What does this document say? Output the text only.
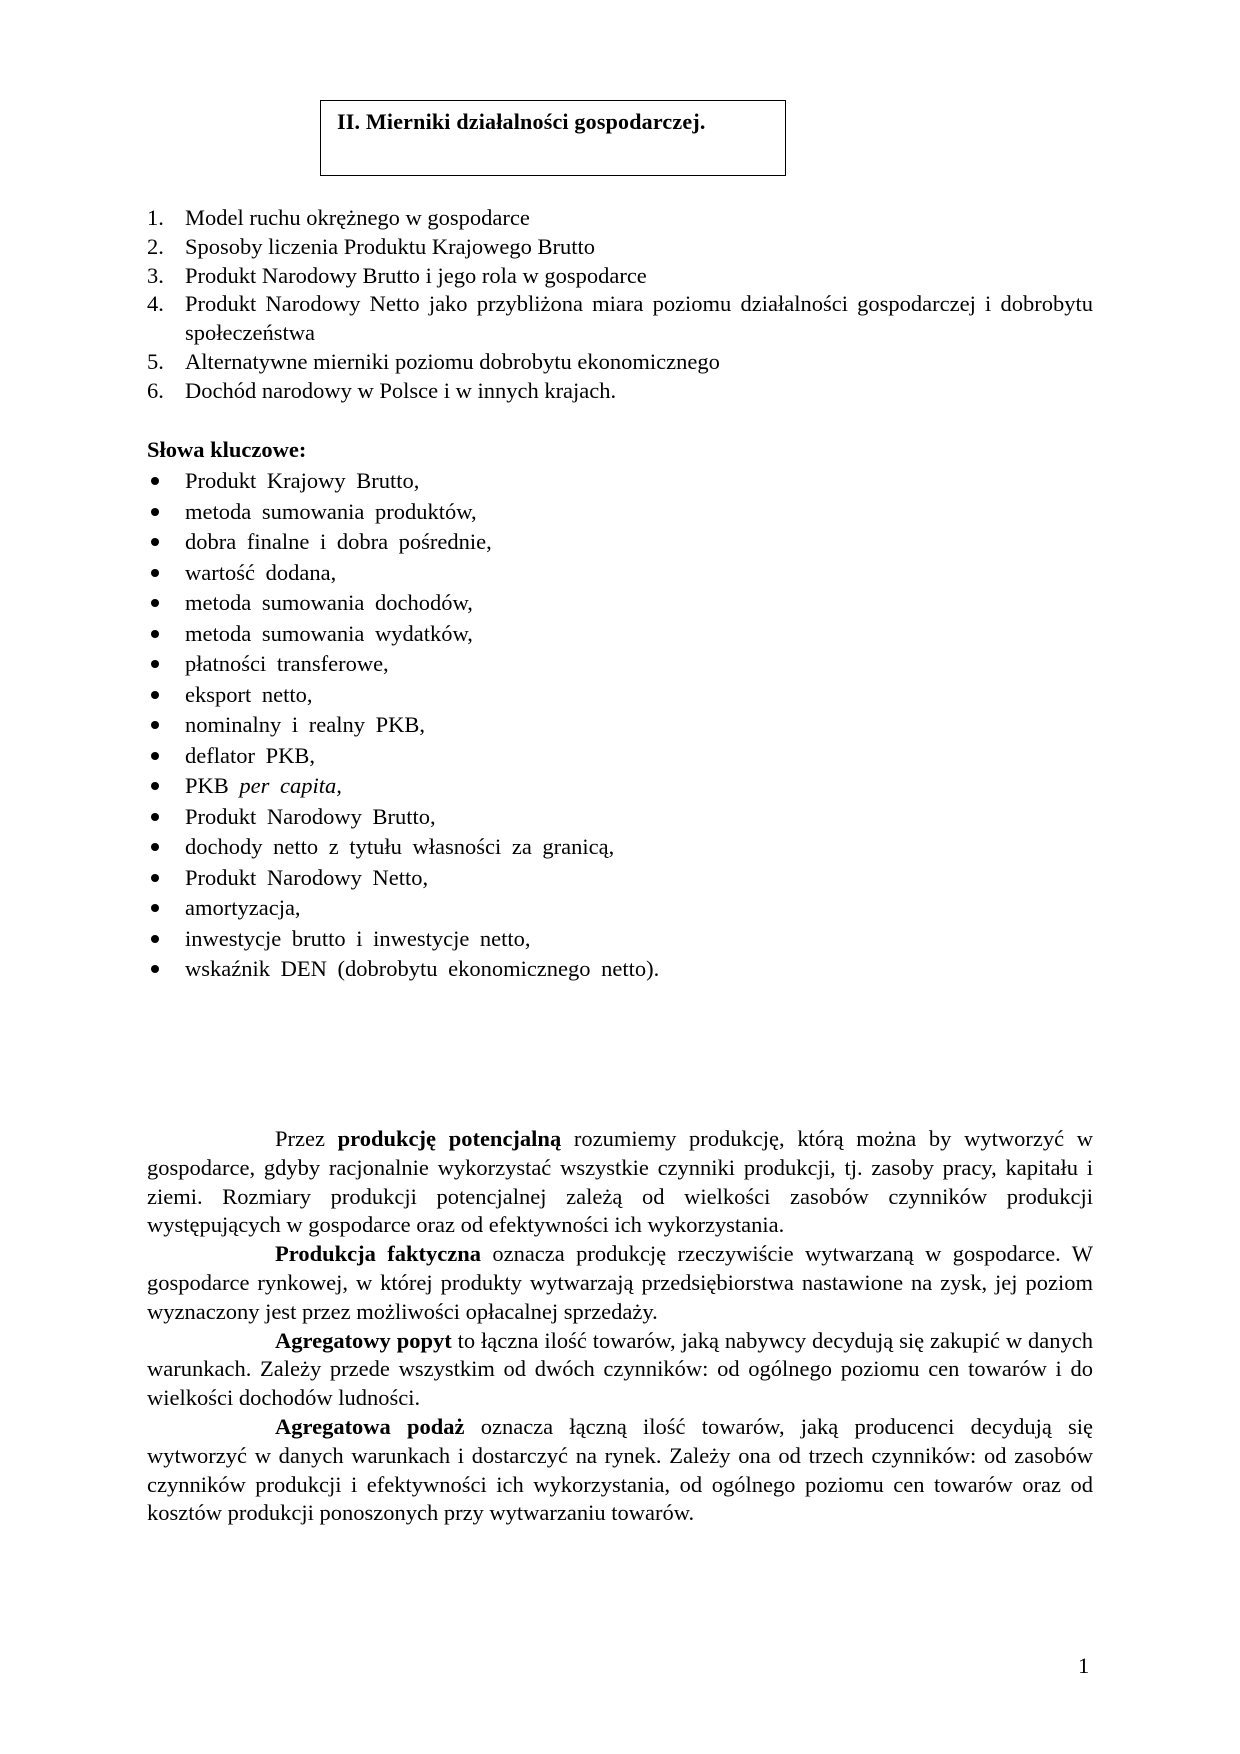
II. Mierniki działalności gospodarczej.
1. Model ruchu okrężnego w gospodarce
2. Sposoby liczenia Produktu Krajowego Brutto
3. Produkt Narodowy Brutto i jego rola w gospodarce
4. Produkt Narodowy Netto jako przybliżona miara poziomu działalności gospodarczej i dobrobytu społeczeństwa
5. Alternatywne mierniki poziomu dobrobytu ekonomicznego
6. Dochód narodowy w Polsce i w innych krajach.
Słowa kluczowe:
Produkt Krajowy Brutto,
metoda sumowania produktów,
dobra finalne i dobra pośrednie,
wartość dodana,
metoda sumowania dochodów,
metoda sumowania wydatków,
płatności transferowe,
eksport netto,
nominalny i realny PKB,
deflator PKB,
PKB per capita,
Produkt Narodowy Brutto,
dochody netto z tytułu własności za granicą,
Produkt Narodowy Netto,
amortyzacja,
inwestycje brutto i inwestycje netto,
wskaźnik DEN (dobrobytu ekonomicznego netto).

Przez produkcję potencjalną rozumiemy produkcję, którą można by wytworzyć w gospodarce, gdyby racjonalnie wykorzystać wszystkie czynniki produkcji, tj. zasoby pracy, kapitału i ziemi. Rozmiary produkcji potencjalnej zależą od wielkości zasobów czynników produkcji występujących w gospodarce oraz od efektywności ich wykorzystania.

Produkcja faktyczna oznacza produkcję rzeczywiście wytwarzaną w gospodarce. W gospodarce rynkowej, w której produkty wytwarzają przedsiębiorstwa nastawione na zysk, jej poziom wyznaczony jest przez możliwości opłacalnej sprzedaży.

Agregatowy popyt to łączna ilość towarów, jaką nabywcy decydują się zakupić w danych warunkach. Zależy przede wszystkim od dwóch czynników: od ogólnego poziomu cen towarów i do wielkości dochodów ludności.

Agregatowa podaż oznacza łączną ilość towarów, jaką producenci decydują się wytworzyć w danych warunkach i dostarczyć na rynek. Zależy ona od trzech czynników: od zasobów czynników produkcji i efektywności ich wykorzystania, od ogólnego poziomu cen towarów oraz od kosztów produkcji ponoszonych przy wytwarzaniu towarów.

1
